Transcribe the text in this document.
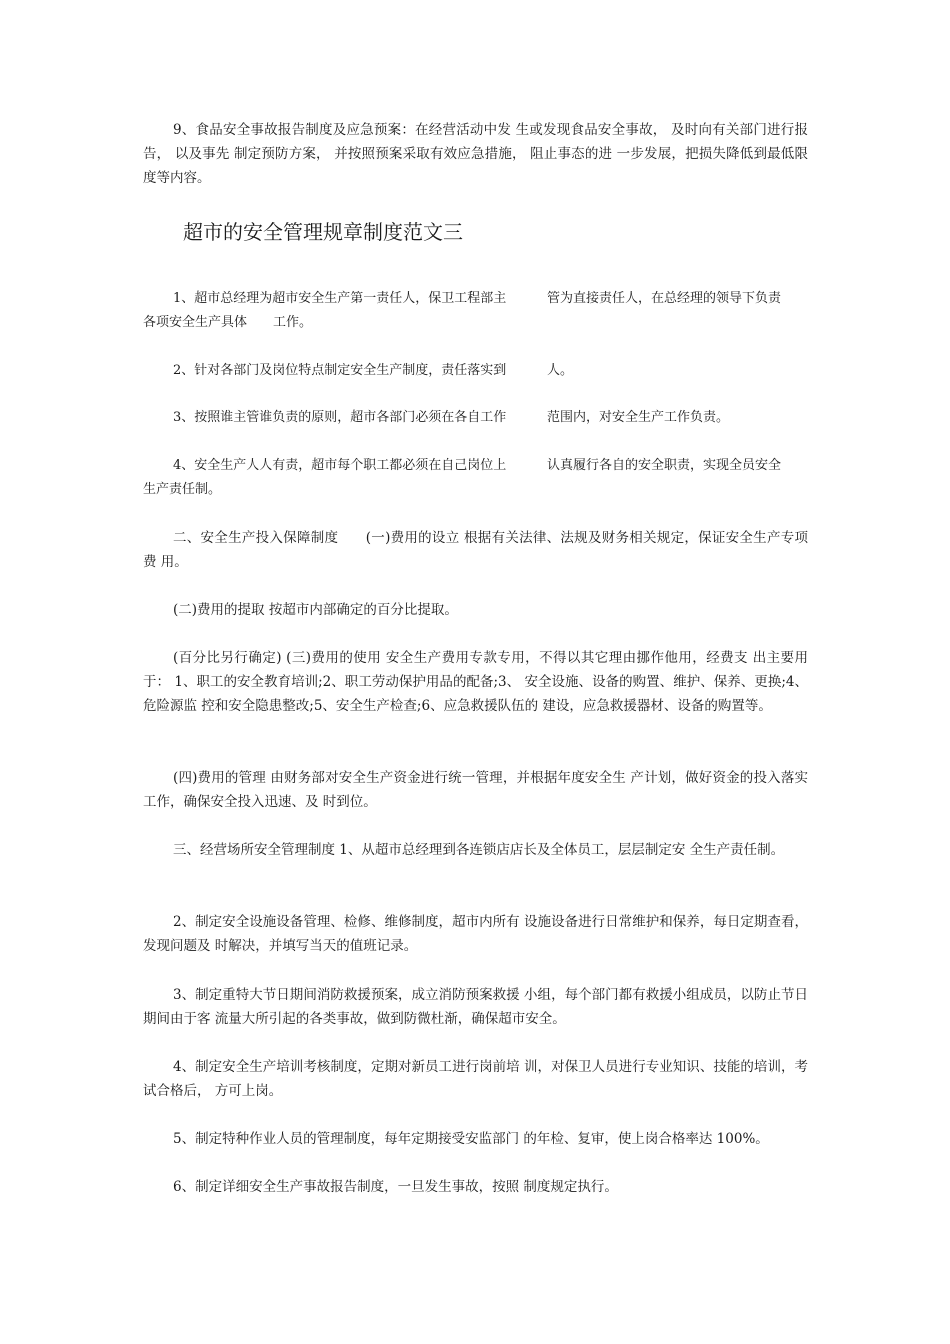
9、食品安全事故报告制度及应急预案：在经营活动中发 生或发现食品安全事故， 及时向有关部门进行报告， 以及事先 制定预防方案， 并按照预案采取有效应急措施， 阻止事态的进 一步发展，把损失降低到最低限度等内容。

超市的安全管理规章制度范文三
1、超市总经理为超市安全生产第一责任人，保卫工程部主	管为直接责任人，在总经理的领导下负责
各项安全生产具体　　工作。
2、针对各部门及岗位特点制定安全生产制度，责任落实到	人。
3、按照谁主管谁负责的原则，超市各部门必须在各自工作	范围内，对安全生产工作负责。
4、安全生产人人有责，超市每个职工都必须在自己岗位上	认真履行各自的安全职责，实现全员安全
生产责任制。

二、安全生产投入保障制度　　(一)费用的设立 根据有关法律、法规及财务相关规定，保证安全生产专项费 用。

(二)费用的提取 按超市内部确定的百分比提取。

(百分比另行确定) (三)费用的使用 安全生产费用专款专用，不得以其它理由挪作他用，经费支 出主要用于： 1、职工的安全教育培训;2、职工劳动保护用品的配备;3、 安全设施、设备的购置、维护、保养、更换;4、危险源监 控和安全隐患整改;5、安全生产检查;6、应急救援队伍的 建设，应急救援器材、设备的购置等。

(四)费用的管理 由财务部对安全生产资金进行统一管理，并根据年度安全生 产计划，做好资金的投入落实工作，确保安全投入迅速、及 时到位。

三、经营场所安全管理制度 1、从超市总经理到各连锁店店长及全体员工，层层制定安 全生产责任制。

2、制定安全设施设备管理、检修、维修制度，超市内所有 设施设备进行日常维护和保养，每日定期查看，发现问题及 时解决，并填写当天的值班记录。

3、制定重特大节日期间消防救援预案，成立消防预案救援 小组，每个部门都有救援小组成员，以防止节日期间由于客 流量大所引起的各类事故，做到防微杜渐，确保超市安全。

4、制定安全生产培训考核制度，定期对新员工进行岗前培 训，对保卫人员进行专业知识、技能的培训，考试合格后， 方可上岗。

5、制定特种作业人员的管理制度，每年定期接受安监部门 的年检、复审，使上岗合格率达 100%。

6、制定详细安全生产事故报告制度，一旦发生事故，按照 制度规定执行。
